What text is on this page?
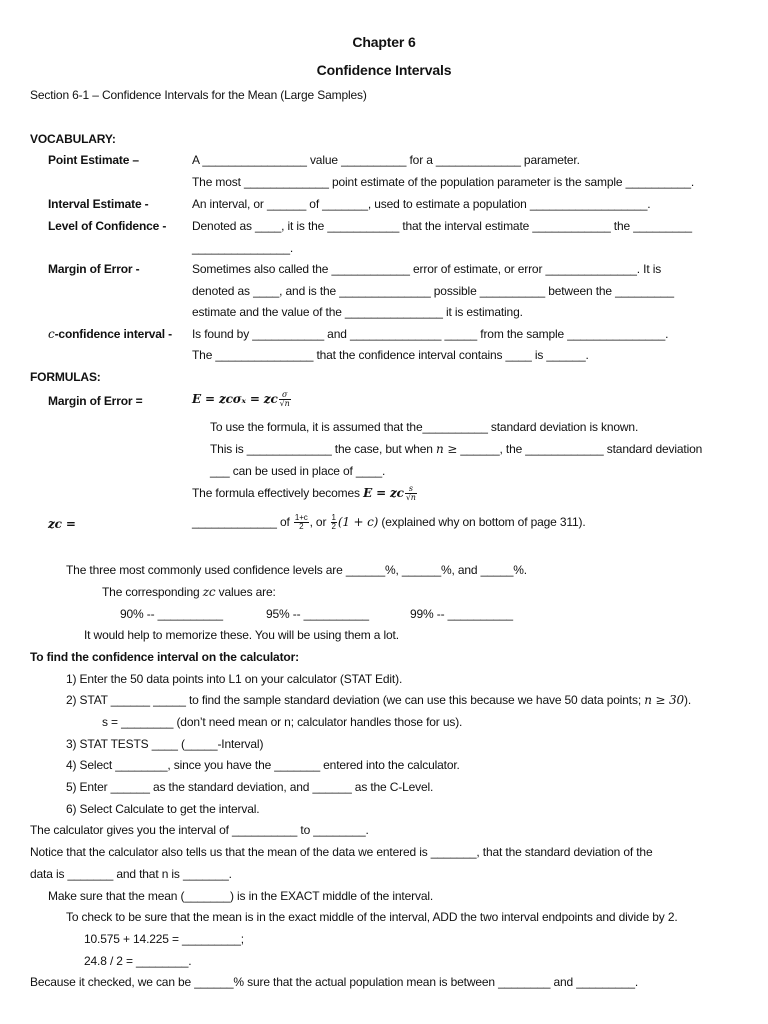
Chapter 6
Confidence Intervals
Section 6-1 – Confidence Intervals for the Mean (Large Samples)
VOCABULARY:
Point Estimate –	A ________________ value __________ for a _____________ parameter.
The most _____________ point estimate of the population parameter is the sample __________.
Interval Estimate -	An interval, or ______ of _______, used to estimate a population __________________.
Level of Confidence - Denoted as ____, it is the ___________ that the interval estimate ____________ the _________
_______________.
Margin of Error -	Sometimes also called the ____________ error of estimate, or error ______________. It is
denoted as ____, and is the ______________ possible __________ between the _________
estimate and the value of the _______________ it is estimating.
c-confidence interval - Is found by ___________ and ______________ _____ from the sample _______________.
The _______________ that the confidence interval contains ____ is ______.
FORMULAS:
Margin of Error =	E = zcσₓ = zc $\frac{\sigma}{√n}$
To use the formula, it is assumed that the__________ standard deviation is known.
This is _____________ the case, but when n ≥ ______, the ____________ standard deviation
___ can be used in place of ____.
The formula effectively becomes E = zc $\frac{s}{√n}$
zc =	_____________ of $\frac{1+c}{2}$ , or $\frac{1}{2} (1 + c)$ (explained why on bottom of page 311).
The three most commonly used confidence levels are ______%, ______%, and _____%.
The corresponding zc values are:
90% -- __________	95% -- __________	99% -- __________
It would help to memorize these. You will be using them a lot.
To find the confidence interval on the calculator:
1) Enter the 50 data points into L1 on your calculator (STAT Edit).
2) STAT ______ _____ to find the sample standard deviation (we can use this because we have 50 data points; n ≥ 30).
s = ________ (don’t need mean or n; calculator handles those for us).
3) STAT TESTS ____ (_____-Interval)
4) Select ________, since you have the _______ entered into the calculator.
5) Enter ______ as the standard deviation, and ______ as the C-Level.
6) Select Calculate to get the interval.
The calculator gives you the interval of __________ to ________.
Notice that the calculator also tells us that the mean of the data we entered is _______, that the standard deviation of the
data is _______ and that n is _______.
Make sure that the mean (_______) is in the EXACT middle of the interval.
To check to be sure that the mean is in the exact middle of the interval, ADD the two interval endpoints and divide by 2.
10.575 + 14.225 = _________;
24.8 / 2 = ________.
Because it checked, we can be ______% sure that the actual population mean is between ________ and _________.
